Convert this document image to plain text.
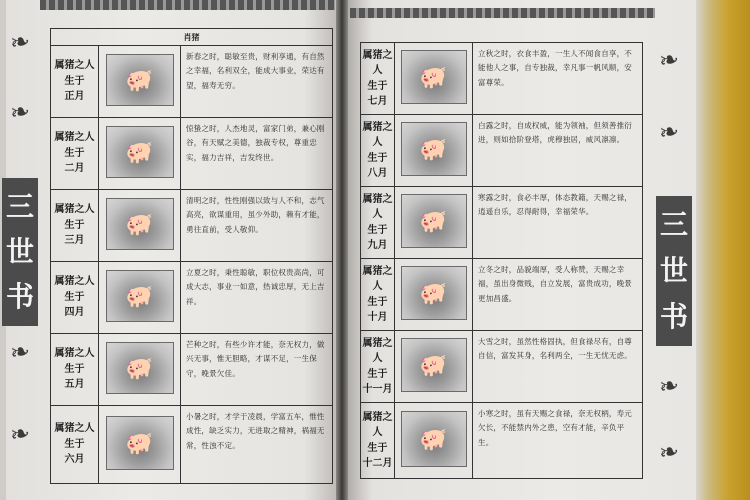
❧
❧
❧
❧
三
世
书
❧
❧
❧
❧
三
世
书
肖猪		

属猪之人
生于
正月	🐖	新春之时，聪敏至贵，财利享通，有自然之幸福，名利双全，能成大事业，荣达有望，福寿无穷。

属猪之人
生于
二月	🐖	惊蛰之时，人杰地灵，富家门弟，兼心刚谷，有天赋之美德，独裁专权，尊重忠实，福力吉祥，吉发终世。

属猪之人
生于
三月	🐖	清明之时，性性刚强以致与人不和，志气高亮，欲谋重用，虽少外助，赖有才能，勇往直前，受人敬仰。

属猪之人
生于
四月	🐖	立夏之时，秉性聪敏，职位权贵高尚，可成大志，事业一如意，热诚忠厚，无上吉祥。

属猪之人
生于
五月	🐖	芒种之时，有些少许才能，奈无权力，做兴无事，惟无胆略，才谋不足，一生保守，晚景欠佳。

属猪之人
生于
六月	🐖	小暑之时，才学于凌晨，学富五车，惟性成性，缺乏实力，无进取之精神，祸福无常，性浊不定。
属猪之人
生于
七月	🐖	立秋之时，衣食丰盈，一生人不闻食自享，不能他人之事，自专独裁，幸凡事一帆风顺，安富尊荣。

属猪之人
生于
八月	🐖	白露之时，自成权威，能为领袖，但须善推衍进，则如拾阶登塔，虎穆独居，威风凛凛。

属猪之人
生于
九月	🐖	寒露之时，食必丰厚，体态教籍，天赐之禄，逍遥自乐，忍得耐得，幸福荣华。

属猪之人
生于
十月	🐖	立冬之时，品貌端厚，受人称赞，天赐之幸福，虽出身微贱，自立发展，富贵成功，晚景更加昌盛。

属猪之人
生于
十一月	🐖	大雪之时，虽然性格固执，但食禄尽有，自尊自信，富发其身，名利两全，一生无忧无虑。

属猪之人
生于
十二月	🐖	小寒之时，虽有天赐之食禄，奈无权柄，寿元欠长，不能禁内外之患，空有才能，辛负平生。
